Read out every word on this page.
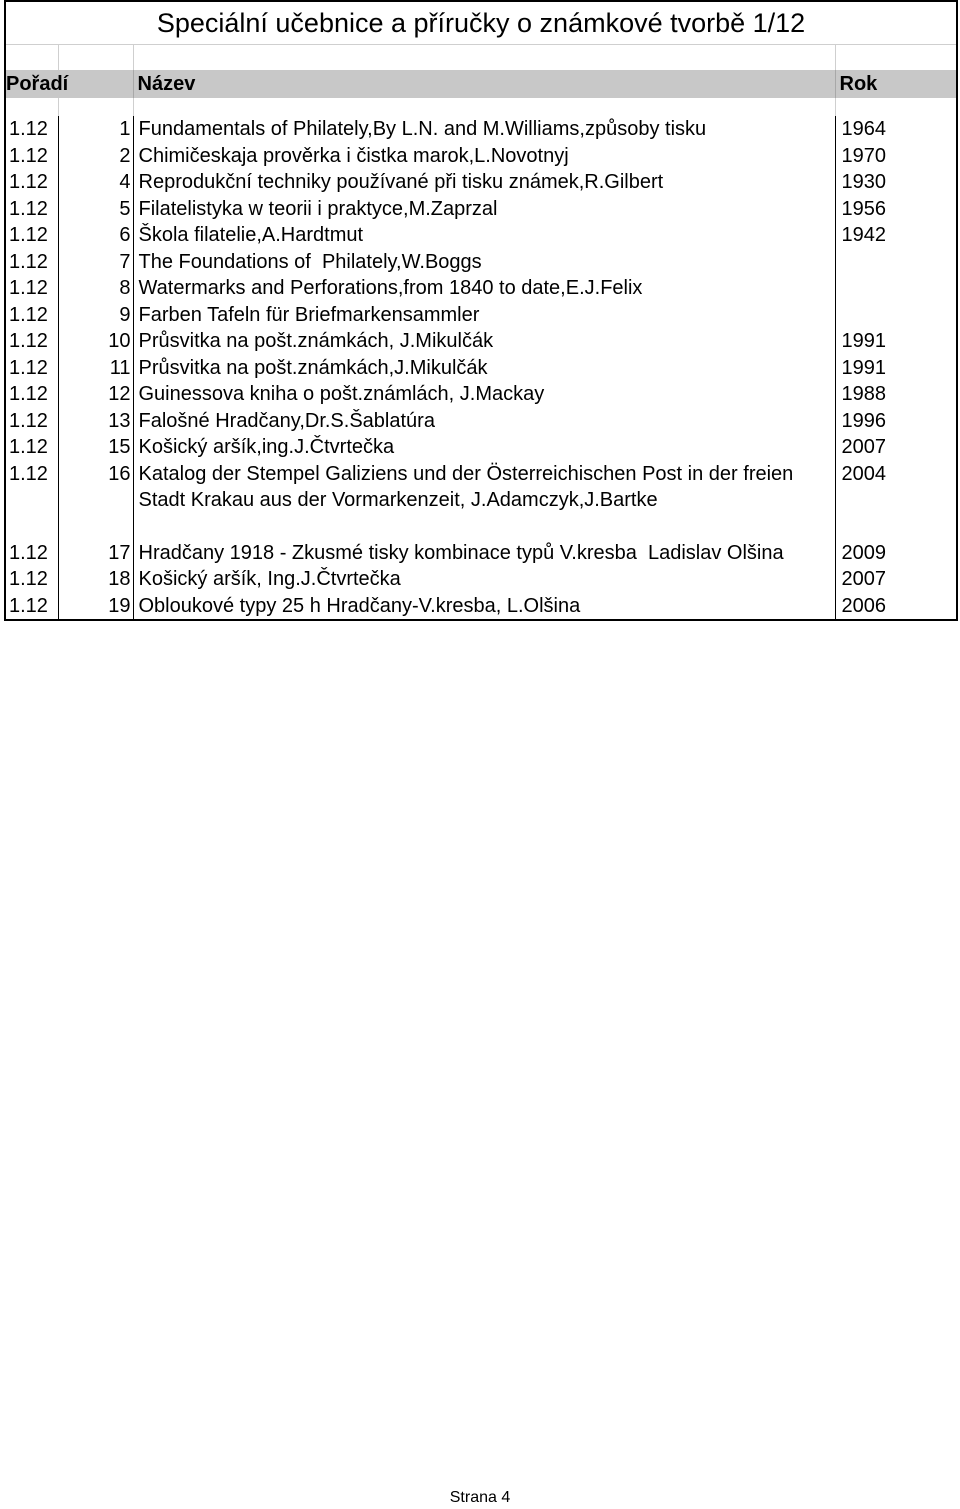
Speciální učebnice a příručky o známkové tvorbě 1/12			

Pořadí		Název	Rok

1.12	1	Fundamentals of Philately,By L.N. and M.Williams,způsoby tisku	1964
1.12	2	Chimičeskaja prověrka i čistka marok,L.Novotnyj	1970
1.12	4	Reprodukční techniky používané při tisku známek,R.Gilbert	1930
1.12	5	Filatelistyka w teorii i praktyce,M.Zaprzal	1956
1.12	6	Škola filatelie,A.Hardtmut	1942
1.12	7	The Foundations of  Philately,W.Boggs	
1.12	8	Watermarks and Perforations,from 1840 to date,E.J.Felix	
1.12	9	Farben Tafeln für Briefmarkensammler	
1.12	10	Průsvitka na pošt.známkách, J.Mikulčák	1991
1.12	11	Průsvitka na pošt.známkách,J.Mikulčák	1991
1.12	12	Guinessova kniha o pošt.známlách, J.Mackay	1988
1.12	13	Falošné Hradčany,Dr.S.Šablatúra	1996
1.12	15	Košický aršík,ing.J.Čtvrtečka	2007
1.12	16	Katalog der Stempel Galiziens und der Österreichischen Post in der freien Stadt Krakau aus der Vormarkenzeit, J.Adamczyk,J.Bartke	2004

1.12	17	Hradčany 1918 - Zkusmé tisky kombinace typů V.kresba  Ladislav Olšina	2009
1.12	18	Košický aršík, Ing.J.Čtvrtečka	2007
1.12	19	Obloukové typy 25 h Hradčany-V.kresba, L.Olšina	2006
Strana 4
